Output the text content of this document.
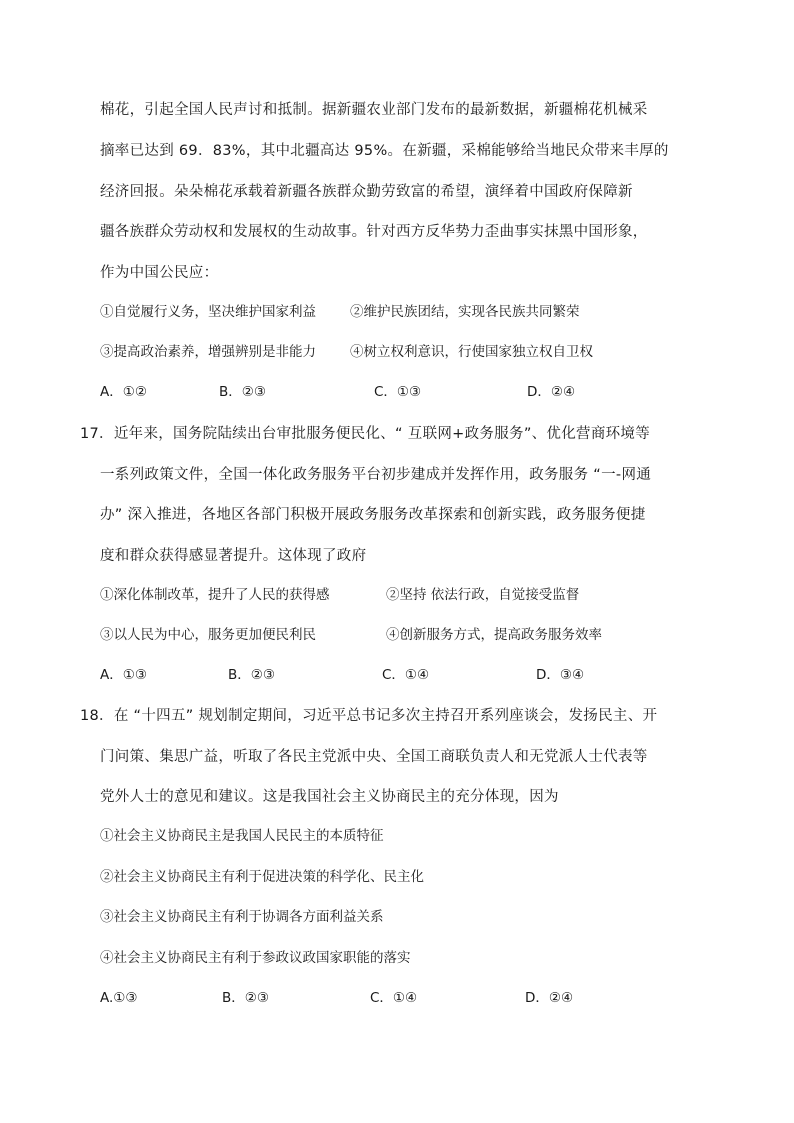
棉花，引起全国人民声讨和抵制。据新疆农业部门发布的最新数据，新疆棉花机械采
摘率已达到 69．83%，其中北疆高达 95%。在新疆，采棉能够给当地民众带来丰厚的
经济回报。朵朵棉花承载着新疆各族群众勤劳致富的希望，演绎着中国政府保障新
疆各族群众劳动权和发展权的生动故事。针对西方反华势力歪曲事实抹黑中国形象，
作为中国公民应：
①自觉履行义务，坚决维护国家利益	②维护民族团结，实现各民族共同繁荣
③提高政治素养，增强辨别是非能力	④树立权利意识，行使国家独立权自卫权
A．①②	B．②③	C．①③	D．②④
17．近年来，国务院陆续出台审批服务便民化、“ 互联网+政务服务”、优化营商环境等
一系列政策文件，全国一体化政务服务平台初步建成并发挥作用，政务服务 “一-网通
办” 深入推进，各地区各部门积极开展政务服务改革探索和创新实践，政务服务便捷
度和群众获得感显著提升。这体现了政府
①深化体制改革，提升了人民的获得感	②坚持 依法行政，自觉接受监督
③以人民为中心，服务更加便民利民	④创新服务方式，提高政务服务效率
A．①③	B．②③	C．①④	D．③④
18．在 “十四五” 规划制定期间，习近平总书记多次主持召开系列座谈会，发扬民主、开
门问策、集思广益，听取了各民主党派中央、全国工商联负责人和无党派人士代表等
党外人士的意见和建议。这是我国社会主义协商民主的充分体现，因为
①社会主义协商民主是我国人民民主的本质特征
②社会主义协商民主有利于促进决策的科学化、民主化
③社会主义协商民主有利于协调各方面利益关系
④社会主义协商民主有利于参政议政国家职能的落实
A.①③	B．②③	C．①④	D．②④
